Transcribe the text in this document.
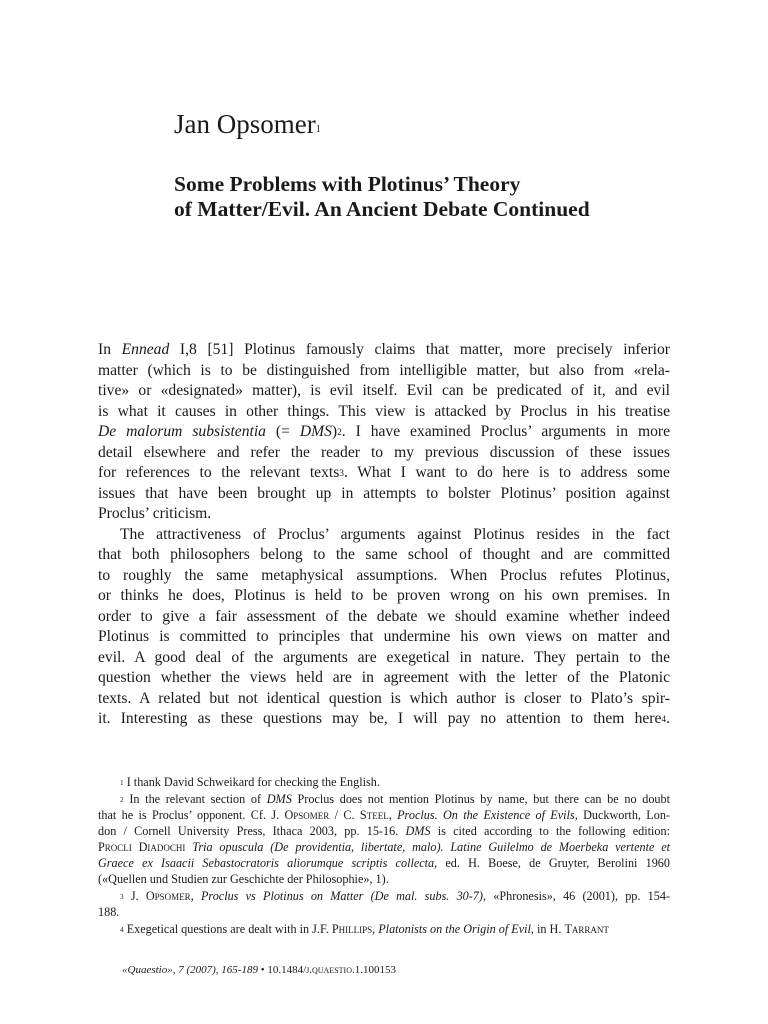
Jan Opsomer$^1$
Some Problems with Plotinus’ Theory
of Matter/Evil. An Ancient Debate Continued

In Ennead I,8 [51] Plotinus famously claims that matter, more precisely inferior
matter (which is to be distinguished from intelligible matter, but also from «rela-
tive» or «designated» matter), is evil itself. Evil can be predicated of it, and evil
is what it causes in other things. This view is attacked by Proclus in his treatise
De malorum subsistentia (= DMS)$^2$. I have examined Proclus’ arguments in more
detail elsewhere and refer the reader to my previous discussion of these issues
for references to the relevant texts$^3$. What I want to do here is to address some
issues that have been brought up in attempts to bolster Plotinus’ position against
Proclus’ criticism.

The attractiveness of Proclus’ arguments against Plotinus resides in the fact
that both philosophers belong to the same school of thought and are committed
to roughly the same metaphysical assumptions. When Proclus refutes Plotinus,
or thinks he does, Plotinus is held to be proven wrong on his own premises. In
order to give a fair assessment of the debate we should examine whether indeed
Plotinus is committed to principles that undermine his own views on matter and
evil. A good deal of the arguments are exegetical in nature. They pertain to the
question whether the views held are in agreement with the letter of the Platonic
texts. A related but not identical question is which author is closer to Plato’s spir-
it. Interesting as these questions may be, I will pay no attention to them here$^4$.

$^1$ I thank David Schweikard for checking the English.
$^2$ In the relevant section of DMS Proclus does not mention Plotinus by name, but there can be no doubt
that he is Proclus’ opponent. Cf. J. Opsomer / C. Steel, Proclus. On the Existence of Evils, Duckworth, Lon-
don / Cornell University Press, Ithaca 2003, pp. 15-16. DMS is cited according to the following edition:
Procli Diadochi Tria opuscula (De providentia, libertate, malo). Latine Guilelmo de Moerbeka vertente et
Graece ex Isaacii Sebastocratoris aliorumque scriptis collecta, ed. H. Boese, de Gruyter, Berolini 1960
(«Quellen und Studien zur Geschichte der Philosophie», 1).
$^3$ J. Opsomer, Proclus vs Plotinus on Matter (De mal. subs. 30-7), «Phronesis», 46 (2001), pp. 154-
188.
$^4$ Exegetical questions are dealt with in J.F. Phillips, Platonists on the Origin of Evil, in H. Tarrant
«Quaestio», 7 (2007), 165-189 • 10.1484/j.quaestio.1.100153
